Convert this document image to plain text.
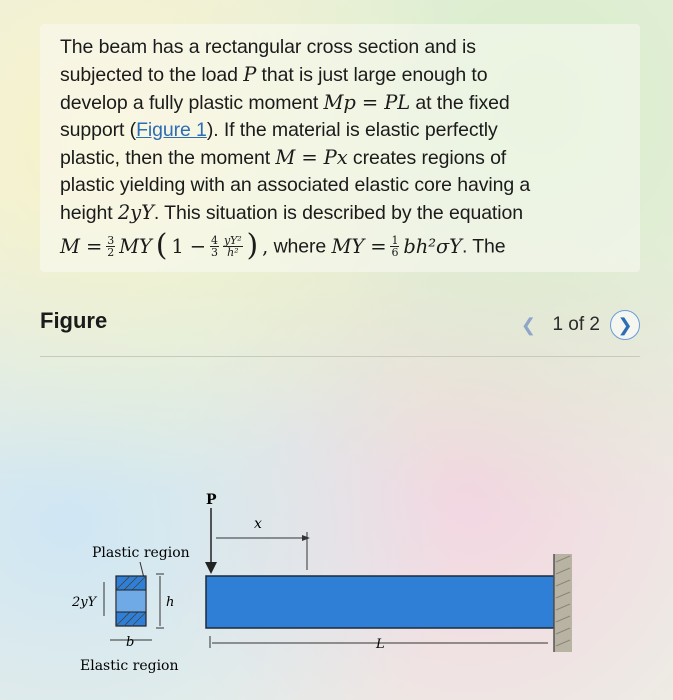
The beam has a rectangular cross section and is

subjected to the load P that is just large enough to

develop a fully plastic moment Mp = PL at the fixed

support (Figure 1). If the material is elastic perfectly

plastic, then the moment M = Px creates regions of

plastic yielding with an associated elastic core having a

height 2yY. This situation is described by the equation

$M = \frac{3}{2}$ MY ( $1 - \frac{4}{3} \frac{\text{yY²}}{\text{h²}}$ ) , where MY = $\frac{1}{6} bh^2\sigma Y$ . The

Figure	❮ 1 of 2 ❯
P
x
L
Plastic region
h
2yY
b
Elastic region
